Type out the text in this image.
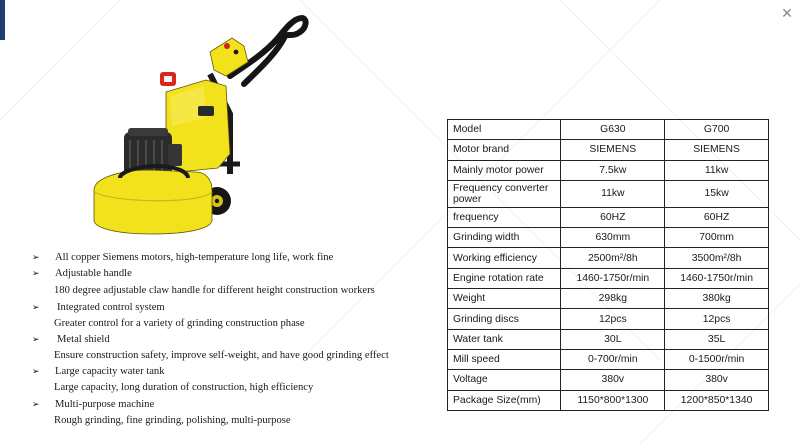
✕
➢	All copper Siemens motors, high-temperature long life, work fine
➢	Adjustable handle
180 degree adjustable claw handle for different height construction workers
➢	Integrated control system
Greater control for a variety of grinding construction phase
➢	Metal shield
Ensure construction safety, improve self-weight, and have good grinding effect
➢	Large capacity water tank
Large capacity, long duration of construction, high efficiency
➢	Multi-purpose machine
Rough grinding, fine grinding, polishing, multi-purpose
Model	G630	G700
Motor brand	SIEMENS	SIEMENS
Mainly motor power	7.5kw	11kw
Frequency converter power	11kw	15kw
frequency	60HZ	60HZ
Grinding width	630mm	700mm
Working efficiency	2500m²/8h	3500m²/8h
Engine rotation rate	1460-1750r/min	1460-1750r/min
Weight	298kg	380kg
Grinding discs	12pcs	12pcs
Water tank	30L	35L
Mill speed	0-700r/min	0-1500r/min
Voltage	380v	380v
Package Size(mm)	1150*800*1300	1200*850*1340
